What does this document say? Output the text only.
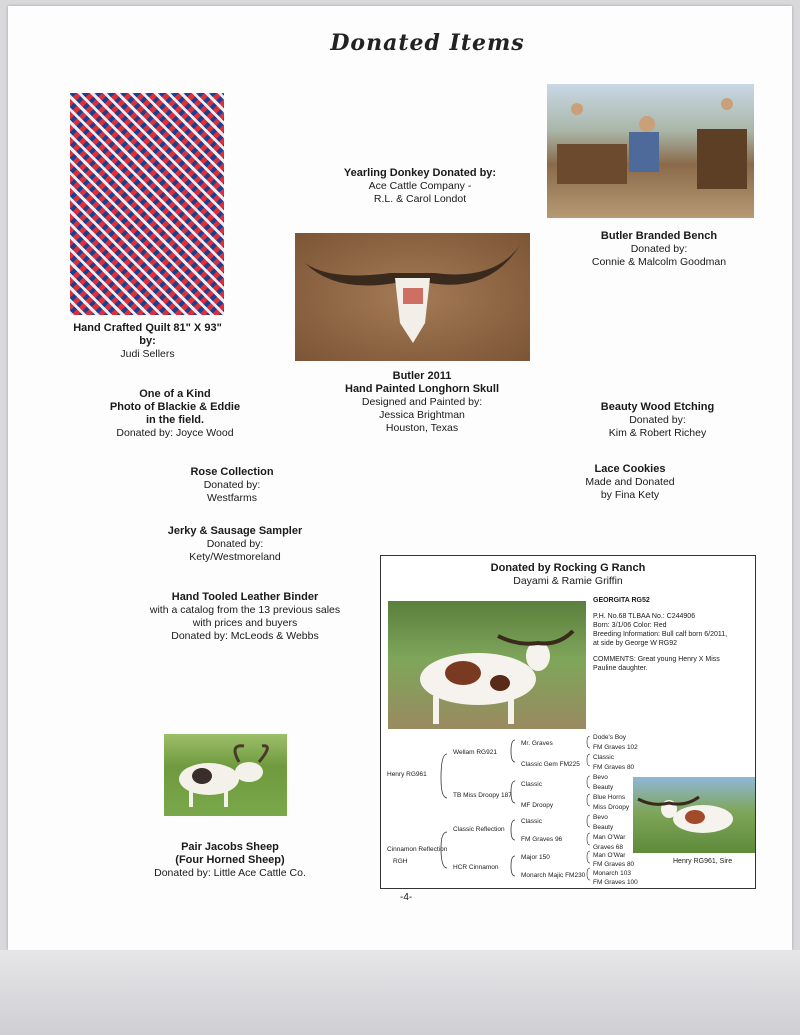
Donated Items
Hand Crafted Quilt 81" X 93"
by:
Judi Sellers
Yearling Donkey Donated by:
Ace Cattle Company -
R.L. & Carol Londot
Butler Branded Bench
Donated by:
Connie & Malcolm Goodman
Butler 2011
Hand Painted Longhorn Skull
Designed and Painted by:
Jessica Brightman
Houston, Texas
One of a Kind
Photo of Blackie & Eddie
in the field.
Donated by: Joyce Wood
Beauty Wood Etching
Donated by:
Kim & Robert Richey
Rose Collection
Donated by:
Westfarms
Lace Cookies
Made and Donated
by Fina Kety
Jerky & Sausage Sampler
Donated by:
Kety/Westmoreland
Hand Tooled Leather Binder
with a catalog from the 13 previous sales
with prices and buyers
Donated by: McLeods & Webbs
Pair Jacobs Sheep
(Four Horned Sheep)
Donated by: Little Ace Cattle Co.
Donated by Rocking G Ranch
Dayami & Ramie Griffin
GEORGITA RG52
P.H. No.68 TLBAA No.: C244906
Born: 3/1/06 Color: Red
Breeding Information: Bull calf born 6/2011,
at side by George W RG92
COMMENTS: Great young Henry X Miss
Pauline daughter.
Henry RG961
Wellam RG921
TB Miss Droopy 187
Mr. Graves
Classic Gem FM225
Classic
MF Droopy
Dode's Boy
FM Graves 102
Classic
FM Graves 80
Bevo
Beauty
Blue Horns
Miss Droopy
Cinnamon Reflection
RGH
Classic Reflection
HCR Cinnamon
Classic
FM Graves 96
Major 150
Monarch Majic FM230
Bevo
Beauty
Man O'War
Graves 68
Man O'War
FM Graves 80
Monarch 103
FM Graves 100
Henry RG961, Sire
-4-
